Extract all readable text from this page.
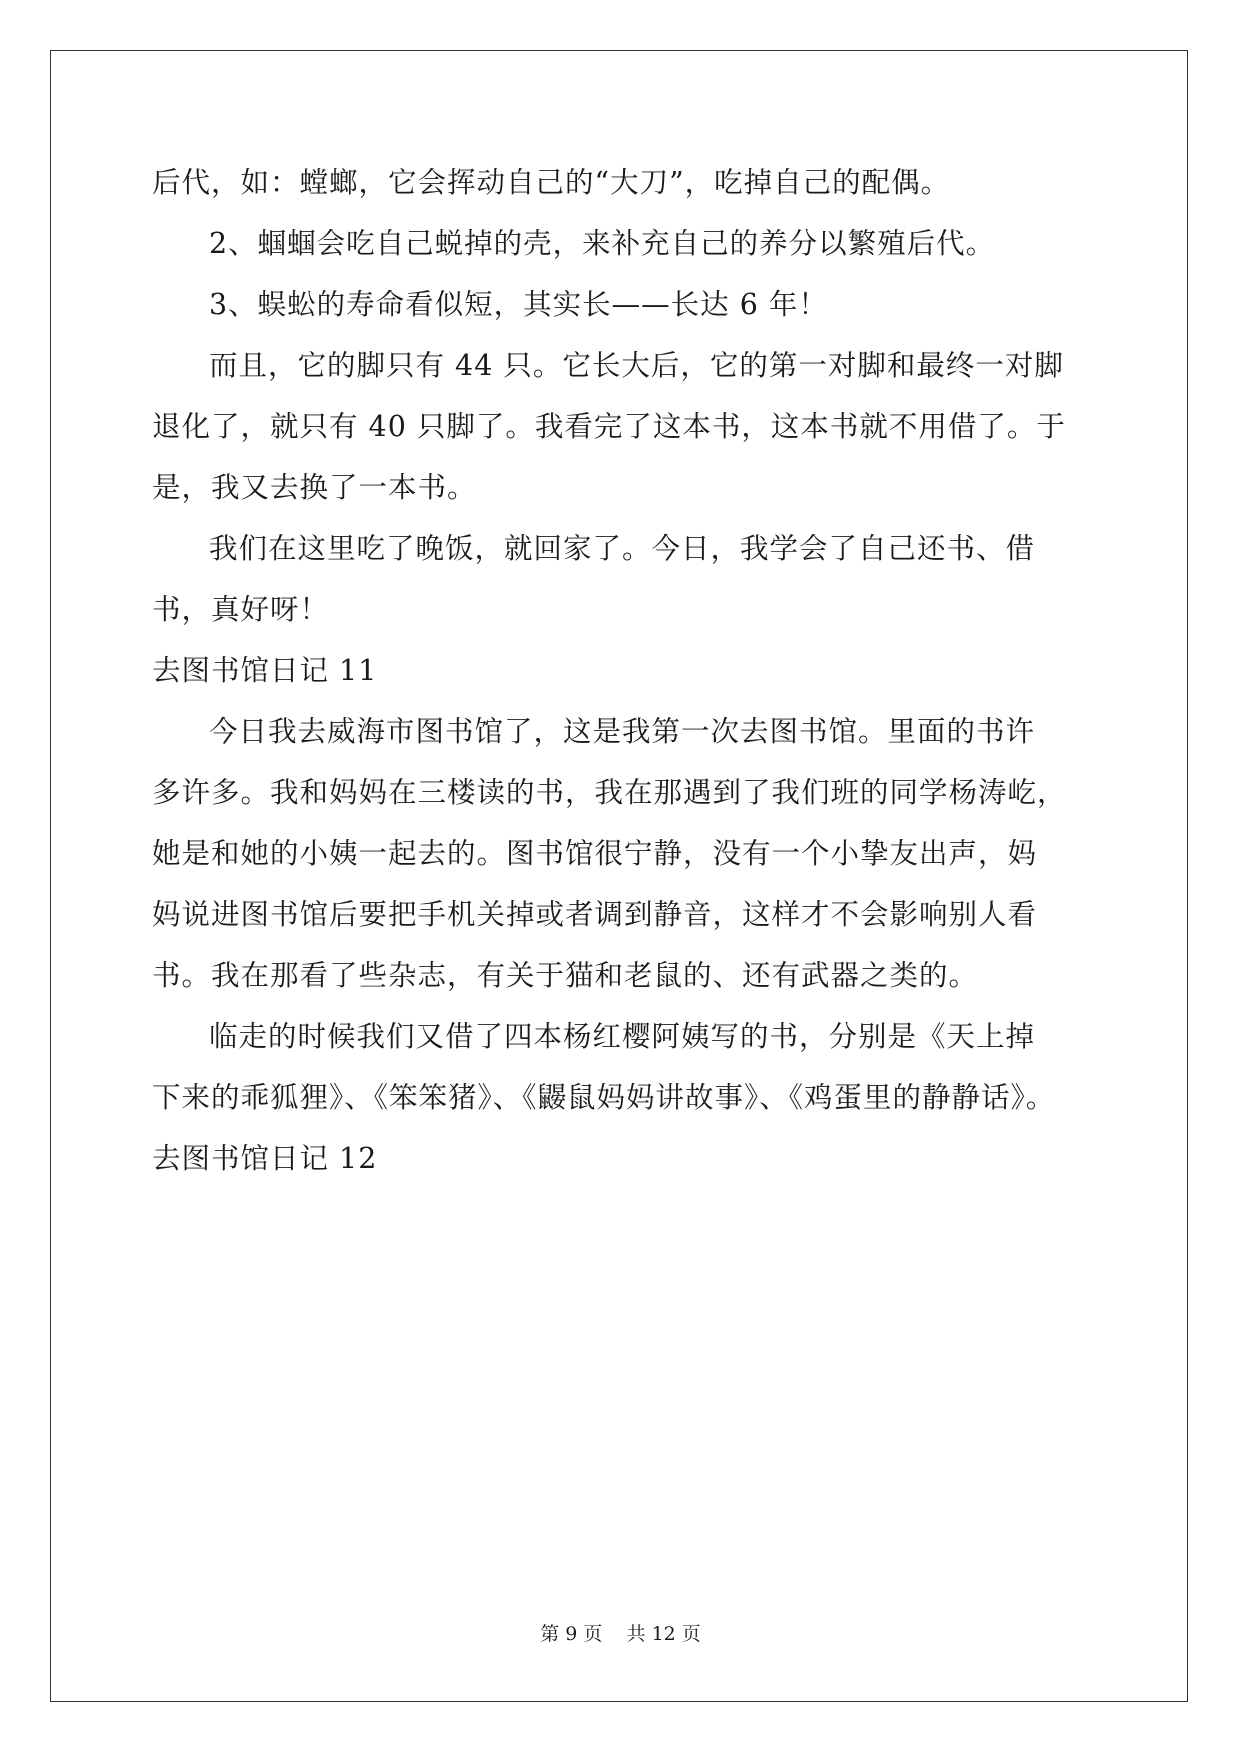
后代，如：螳螂，它会挥动自己的“大刀”，吃掉自己的配偶。
2、蝈蝈会吃自己蜕掉的壳，来补充自己的养分以繁殖后代。
3、蜈蚣的寿命看似短，其实长——长达 6 年！
而且，它的脚只有 44 只。它长大后，它的第一对脚和最终一对脚
退化了，就只有 40 只脚了。我看完了这本书，这本书就不用借了。于
是，我又去换了一本书。
我们在这里吃了晚饭，就回家了。今日，我学会了自己还书、借
书，真好呀！
去图书馆日记 11
今日我去威海市图书馆了，这是我第一次去图书馆。里面的书许
多许多。我和妈妈在三楼读的书，我在那遇到了我们班的同学杨涛屹，
她是和她的小姨一起去的。图书馆很宁静，没有一个小挚友出声，妈
妈说进图书馆后要把手机关掉或者调到静音，这样才不会影响别人看
书。我在那看了些杂志，有关于猫和老鼠的、还有武器之类的。
临走的时候我们又借了四本杨红樱阿姨写的书，分别是《天上掉
下来的乖狐狸》、《笨笨猪》、《鼹鼠妈妈讲故事》、《鸡蛋里的静静话》。
去图书馆日记 12
第 9 页    共 12 页
